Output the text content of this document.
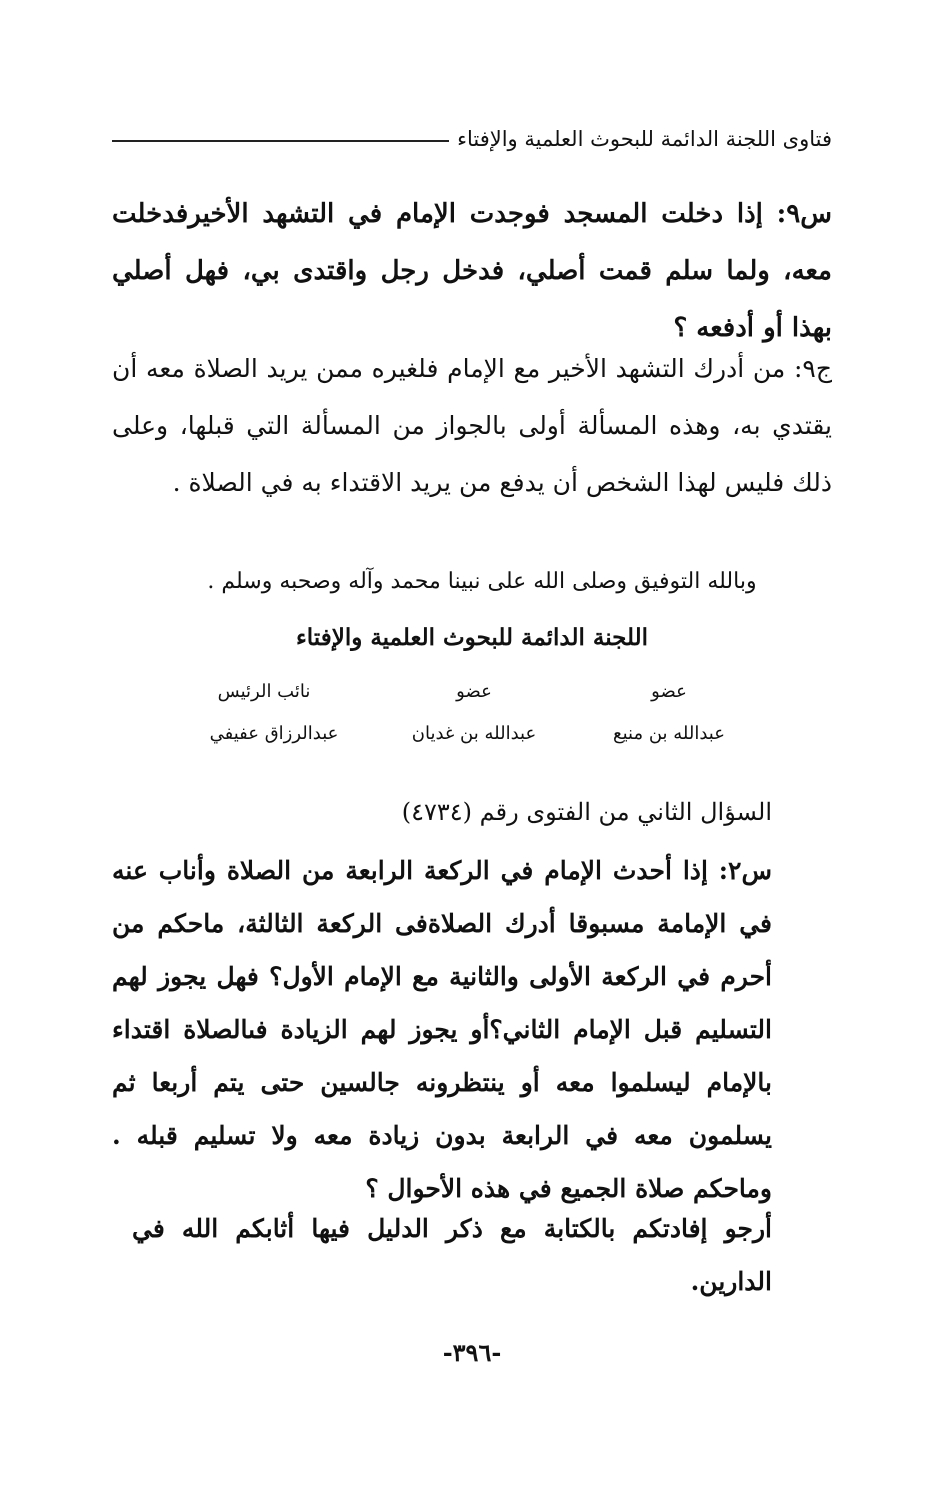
فتاوى اللجنة الدائمة للبحوث العلمية والإفتاء
س٩: إذا دخلت المسجد فوجدت الإمام في التشهد الأخيرفدخلت معه، ولما سلم قمت أصلي، فدخل رجل واقتدى بي، فهل أصلي بهذا أو أدفعه ؟
ج٩: من أدرك التشهد الأخير مع الإمام فلغيره ممن يريد الصلاة معه أن يقتدي به، وهذه المسألة أولى بالجواز من المسألة التي قبلها، وعلى ذلك فليس لهذا الشخص أن يدفع من يريد الاقتداء به في الصلاة .
وبالله التوفيق وصلى الله على نبينا محمد وآله وصحبه وسلم .
اللجنة الدائمة للبحوث العلمية والإفتاء
عضو
عضو
نائب الرئيس
عبدالله بن منيع
عبدالله بن غديان
عبدالرزاق عفيفي
السؤال الثاني من الفتوى رقم (٤٧٣٤)
س٢: إذا أحدث الإمام في الركعة الرابعة من الصلاة وأناب عنه في الإمامة مسبوقا أدرك الصلاةفى الركعة الثالثة، ماحكم من أحرم في الركعة الأولى والثانية مع الإمام الأول؟ فهل يجوز لهم التسليم قبل الإمام الثاني؟أو يجوز لهم الزيادة فىالصلاة اقتداء بالإمام ليسلموا معه أو ينتظرونه جالسين حتى يتم أربعا ثم يسلمون معه في الرابعة بدون زيادة معه ولا تسليم قبله . وماحكم صلاة الجميع في هذه الأحوال ؟
أرجو إفادتكم بالكتابة مع ذكر الدليل فيها أثابكم الله في الدارين.
-٣٩٦-
